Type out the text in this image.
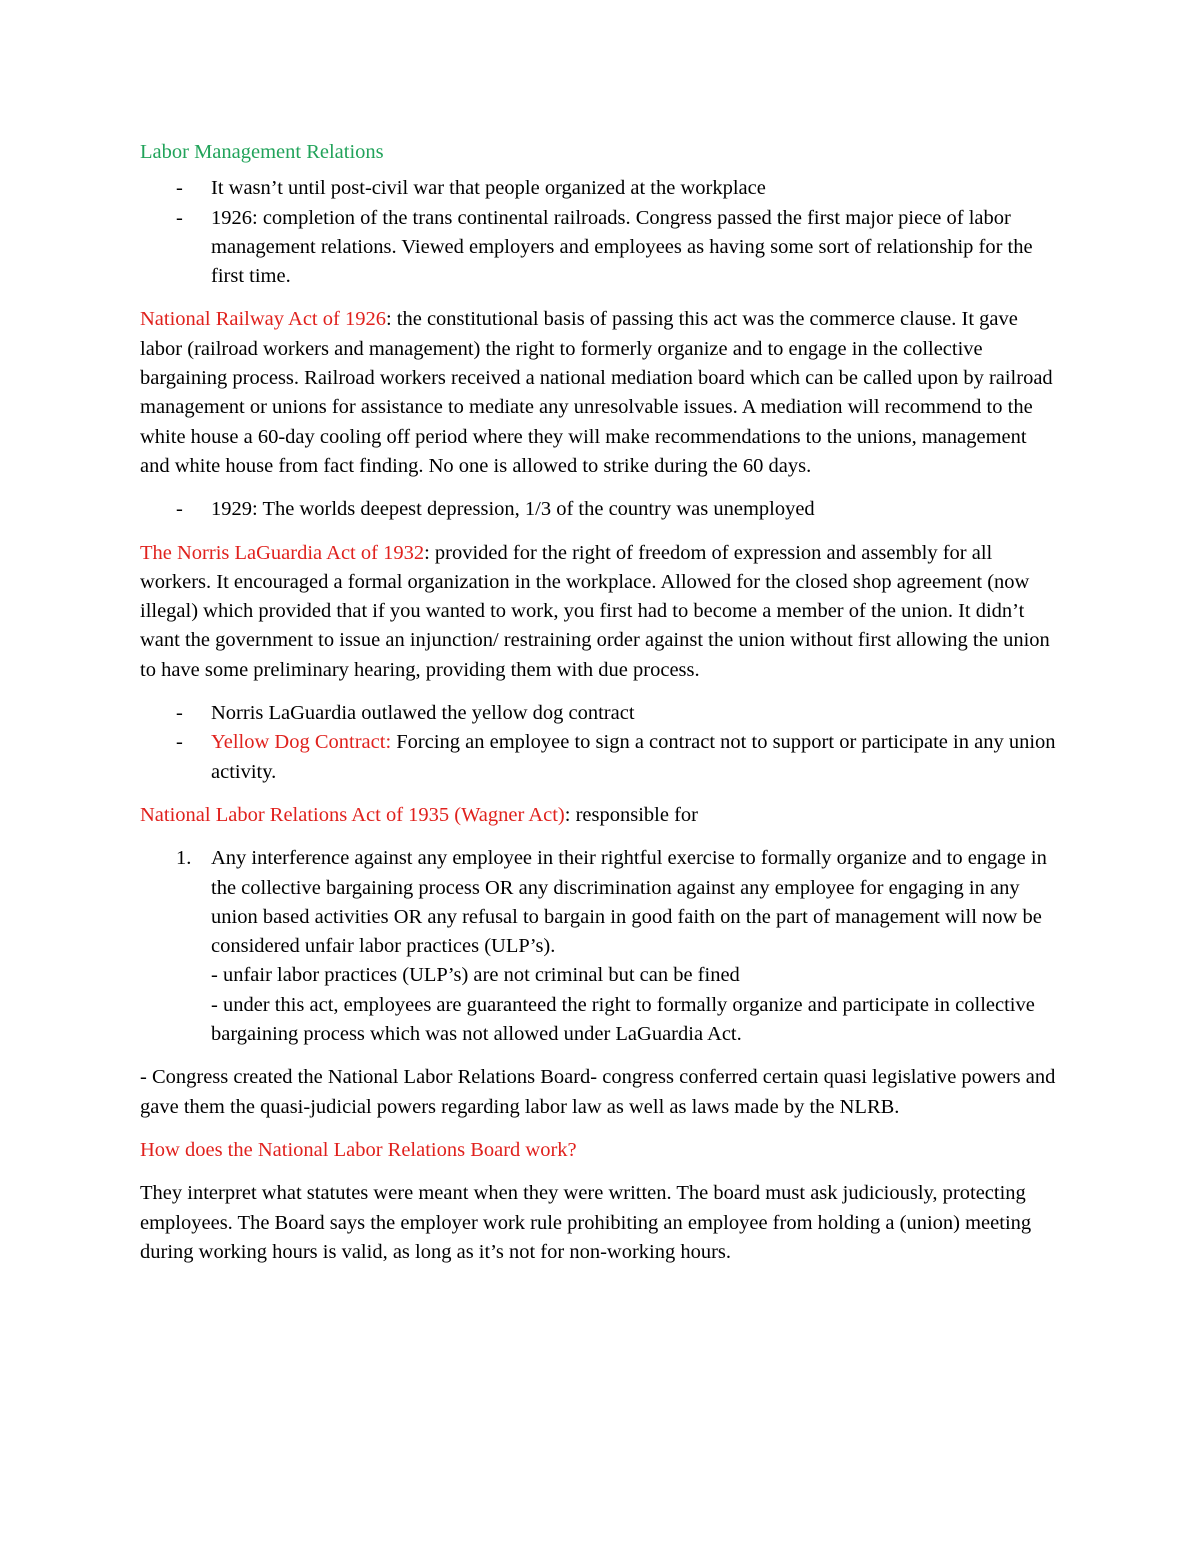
Labor Management Relations

- It wasn’t until post-civil war that people organized at the workplace
- 1926: completion of the trans continental railroads. Congress passed the first major piece of labor management relations. Viewed employers and employees as having some sort of relationship for the first time.

National Railway Act of 1926: the constitutional basis of passing this act was the commerce clause. It gave labor (railroad workers and management) the right to formerly organize and to engage in the collective bargaining process. Railroad workers received a national mediation board which can be called upon by railroad management or unions for assistance to mediate any unresolvable issues. A mediation will recommend to the white house a 60-day cooling off period where they will make recommendations to the unions, management and white house from fact finding. No one is allowed to strike during the 60 days.

- 1929: The worlds deepest depression, 1/3 of the country was unemployed

The Norris LaGuardia Act of 1932: provided for the right of freedom of expression and assembly for all workers. It encouraged a formal organization in the workplace. Allowed for the closed shop agreement (now illegal) which provided that if you wanted to work, you first had to become a member of the union. It didn’t want the government to issue an injunction/ restraining order against the union without first allowing the union to have some preliminary hearing, providing them with due process.

- Norris LaGuardia outlawed the yellow dog contract
- Yellow Dog Contract: Forcing an employee to sign a contract not to support or participate in any union activity.

National Labor Relations Act of 1935 (Wagner Act): responsible for

1. Any interference against any employee in their rightful exercise to formally organize and to engage in the collective bargaining process OR any discrimination against any employee for engaging in any union based activities OR any refusal to bargain in good faith on the part of management will now be considered unfair labor practices (ULP’s).
- unfair labor practices (ULP’s) are not criminal but can be fined
- under this act, employees are guaranteed the right to formally organize and participate in collective bargaining process which was not allowed under LaGuardia Act.

- Congress created the National Labor Relations Board- congress conferred certain quasi legislative powers and gave them the quasi-judicial powers regarding labor law as well as laws made by the NLRB.

How does the National Labor Relations Board work?

They interpret what statutes were meant when they were written. The board must ask judiciously, protecting employees. The Board says the employer work rule prohibiting an employee from holding a (union) meeting during working hours is valid, as long as it’s not for non-working hours.
